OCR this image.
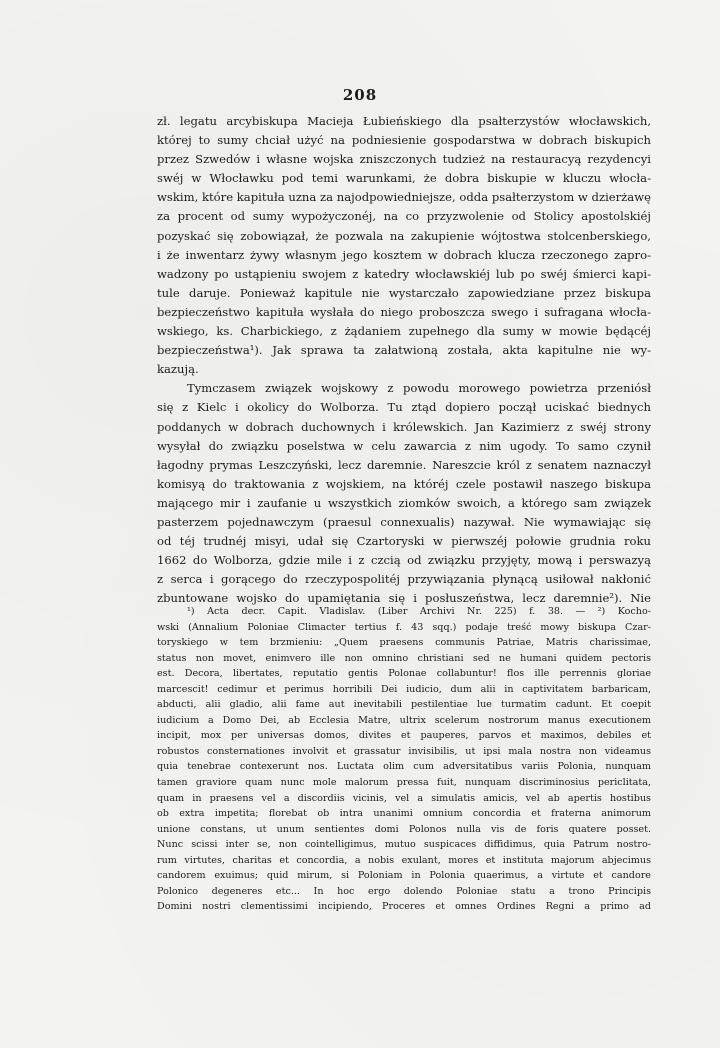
208
zł. legatu arcybiskupa Macieja Łubieńskiego dla psałterzystów włocławskich,
której to sumy chciał użyć na podniesienie gospodarstwa w dobrach biskupich
przez Szwedów i własne wojska zniszczonych tudzież na restauracyą rezydencyi
swéj w Włocławku pod temi warunkami, że dobra biskupie w kluczu włocła-
wskim, które kapituła uzna za najodpowiedniejsze, odda psałterzystom w dzierżawę
za procent od sumy wypożyczonéj, na co przyzwolenie od Stolicy apostolskiéj
pozyskać się zobowiązał, że pozwala na zakupienie wójtostwa stolcenberskiego,
i że inwentarz żywy własnym jego kosztem w dobrach klucza rzeczonego zapro-
wadzony po ustąpieniu swojem z katedry włocławskiéj lub po swéj śmierci kapi-
tule daruje. Ponieważ kapitule nie wystarczało zapowiedziane przez biskupa
bezpieczeństwo kapituła wysłała do niego proboszcza swego i sufragana włocła-
wskiego, ks. Charbickiego, z żądaniem zupełnego dla sumy w mowie będącéj
bezpieczeństwa¹). Jak sprawa ta załatwioną została, akta kapitulne nie wy-
kazują.
Tymczasem związek wojskowy z powodu morowego powietrza przeniósł
się z Kielc i okolicy do Wolborza. Tu ztąd dopiero począł uciskać biednych
poddanych w dobrach duchownych i królewskich. Jan Kazimierz z swéj strony
wysyłał do związku poselstwa w celu zawarcia z nim ugody. To samo czynił
łagodny prymas Leszczyński, lecz daremnie. Nareszcie król z senatem naznaczył
komisyą do traktowania z wojskiem, na któréj czele postawił naszego biskupa
mającego mir i zaufanie u wszystkich ziomków swoich, a którego sam związek
pasterzem pojednawczym (praesul connexualis) nazywał. Nie wymawiając się
od téj trudnéj misyi, udał się Czartoryski w pierwszéj połowie grudnia roku
1662 do Wolborza, gdzie mile i z czcią od związku przyjęty, mową i perswazyą
z serca i gorącego do rzeczypospolitéj przywiązania płynącą usiłował nakłonić
zbuntowane wojsko do upamiętania się i posłuszeństwa, lecz daremnie²). Nie
¹) Acta decr. Capit. Vladislav. (Liber Archivi Nr. 225) f. 38. — ²) Kocho-
wski (Annalium Poloniae Climacter tertius f. 43 sqq.) podaje treść mowy biskupa Czar-
toryskiego w tem brzmieniu: „Quem praesens communis Patriae, Matris charissimae,
status non movet, enimvero ille non omnino christiani sed ne humani quidem pectoris
est. Decora, libertates, reputatio gentis Polonae collabuntur! flos ille perrennis gloriae
marcescit! cedimur et perimus horribili Dei iudicio, dum alii in captivitatem barbaricam,
abducti, alii gladio, alii fame aut inevitabili pestilentiae lue turmatim cadunt. Et coepit
iudicium a Domo Dei, ab Ecclesia Matre, ultrix scelerum nostrorum manus executionem
incipit, mox per universas domos, divites et pauperes, parvos et maximos, debiles et
robustos consternationes involvit et grassatur invisibilis, ut ipsi mala nostra non videamus
quia tenebrae contexerunt nos. Luctata olim cum adversitatibus variis Polonia, nunquam
tamen graviore quam nunc mole malorum pressa fuit, nunquam discriminosius periclitata,
quam in praesens vel a discordiis vicinis, vel a simulatis amicis, vel ab apertis hostibus
ob extra impetita; florebat ob intra unanimi omnium concordia et fraterna animorum
unione constans, ut unum sentientes domi Polonos nulla vis de foris quatere posset.
Nunc scissi inter se, non cointelligimus, mutuo suspicaces diffidimus, quia Patrum nostro-
rum virtutes, charitas et concordia, a nobis exulant, mores et instituta majorum abjecimus
candorem exuimus; quid mirum, si Poloniam in Polonia quaerimus, a virtute et candore
Polonico degeneres etc... In hoc ergo dolendo Poloniae statu a trono Principis
Domini nostri clementissimi incipiendo, Proceres et omnes Ordines Regni a primo ad
